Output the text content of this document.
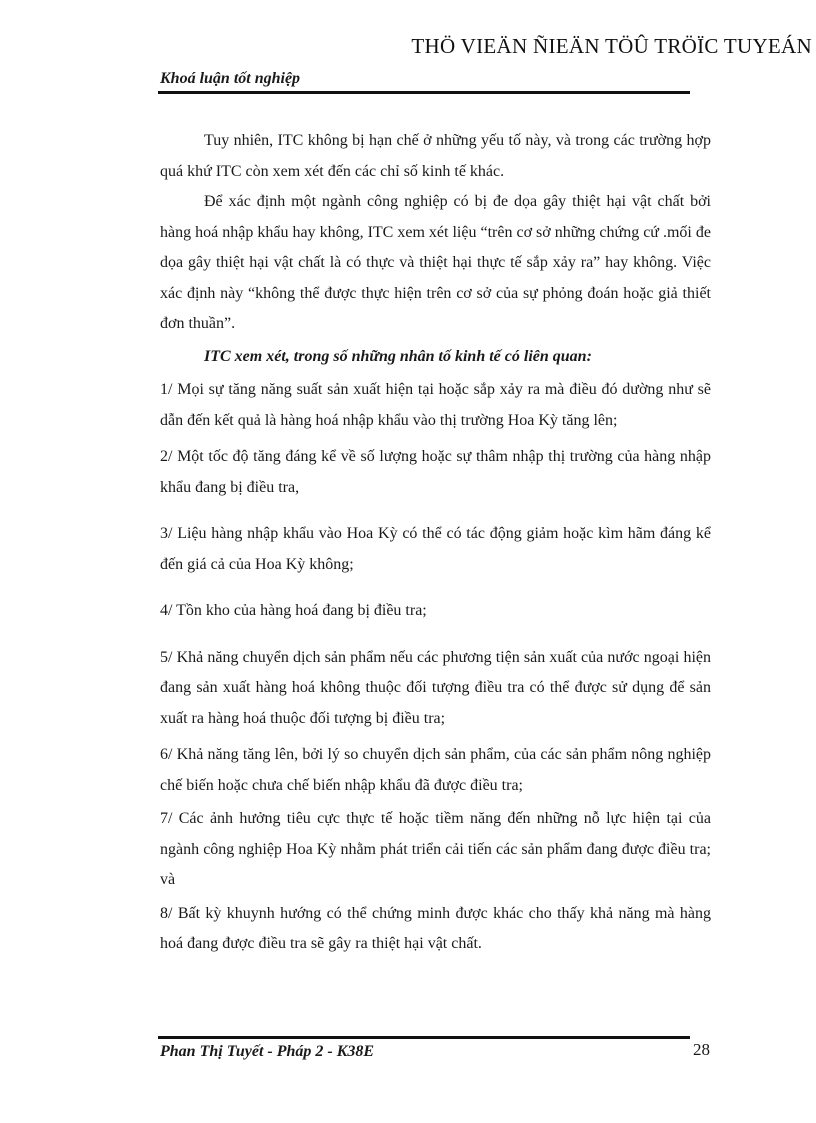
THÖ VIEÄN ÑIEÄN TÖÛ TRÖÏC TUYEÁN
Khoá luận tốt nghiệp

Tuy nhiên, ITC không bị hạn chế ở những yếu tố này, và trong các trường hợp quá khứ ITC còn xem xét đến các chỉ số kinh tế khác.

Để xác định một ngành công nghiệp có bị đe dọa gây thiệt hại vật chất bởi hàng hoá nhập khẩu hay không, ITC xem xét liệu “trên cơ sở những chứng cứ .mối đe dọa gây thiệt hại vật chất là có thực và thiệt hại thực tế sắp xảy ra” hay không. Việc xác định này “không thể được thực hiện trên cơ sở của sự phỏng đoán hoặc giả thiết đơn thuần”.

ITC xem xét, trong số những nhân tố kinh tế có liên quan:

1/ Mọi sự tăng năng suất sản xuất hiện tại hoặc sắp xảy ra mà điều đó dường như sẽ dẫn đến kết quả là hàng hoá nhập khẩu vào thị trường Hoa Kỳ tăng lên;

2/ Một tốc độ tăng đáng kể về số lượng hoặc sự thâm nhập thị trường của hàng nhập khẩu đang bị điều tra,

3/ Liệu hàng nhập khẩu vào Hoa Kỳ có thể có tác động giảm hoặc kìm hãm đáng kể đến giá cả của Hoa Kỳ không;

4/ Tồn kho của hàng hoá đang bị điều tra;

5/ Khả năng chuyển dịch sản phẩm nếu các phương tiện sản xuất của nước ngoại hiện đang sản xuất hàng hoá không thuộc đối tượng điều tra có thể được sử dụng để sản xuất ra hàng hoá thuộc đối tượng bị điều tra;

6/ Khả năng tăng lên, bởi lý so chuyển dịch sản phẩm, của các sản phẩm nông nghiệp chế biến hoặc chưa chế biến nhập khẩu đã được điều tra;

7/ Các ảnh hưởng tiêu cực thực tế hoặc tiềm năng đến những nỗ lực hiện tại của ngành công nghiệp Hoa Kỳ nhằm phát triển cải tiến các sản phẩm đang được điều tra; và

8/ Bất kỳ khuynh hướng có thể chứng minh được khác cho thấy khả năng mà hàng hoá đang được điều tra sẽ gây ra thiệt hại vật chất.

Phan Thị Tuyết - Pháp 2 - K38E	28
